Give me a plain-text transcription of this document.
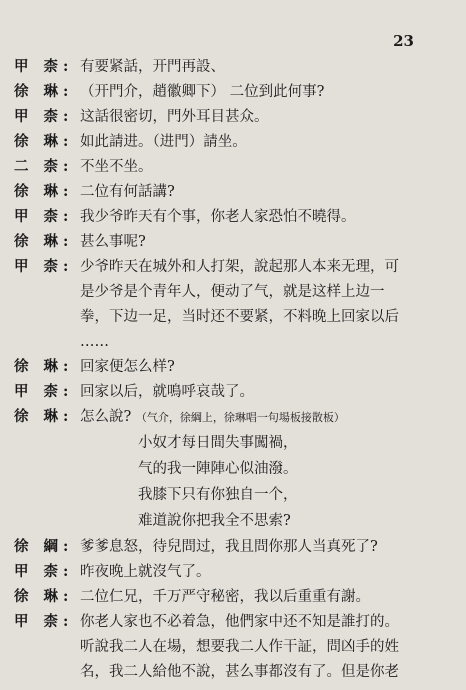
23
甲 柰: 有要紧話，开門再設、
徐 琳: （开門介，趙徽卿下） 二位到此何事?
甲 柰: 这話很密切，門外耳目甚众。
徐 琳: 如此請进。（进門）請坐。
二 柰: 不坐不坐。
徐 琳: 二位有何話講?
甲 柰: 我少爷昨天有个事，你老人家恐怕不曉得。
徐 琳: 甚么事呢?
甲 柰: 少爷昨天在城外和人打架，說起那人本来无理，可
是少爷是个青年人，便动了气，就是这样上边一
拳，下边一足，当时还不要紧，不料晚上回家以后
……
徐 琳: 回家便怎么样?
甲 柰: 回家以后，就鳴呼哀哉了。
徐 琳: 怎么說? （气介，徐綱上，徐琳唱一句場板接散板）
小奴才每日間失事闖禍，
气的我一陣陣心似油潑。
我膝下只有你独自一个，
难道說你把我全不思索?
徐 綱: 爹爹息怒，待兒問过，我且問你那人当真死了?
甲 柰: 昨夜晚上就沒气了。
徐 琳: 二位仁兄，千万严守秘密，我以后重重有謝。
甲 柰: 你老人家也不必着急，他們家中还不知是誰打的。
听說我二人在場，想要我二人作干証，問凶手的姓
名，我二人給他不說，甚么事都沒有了。但是你老
